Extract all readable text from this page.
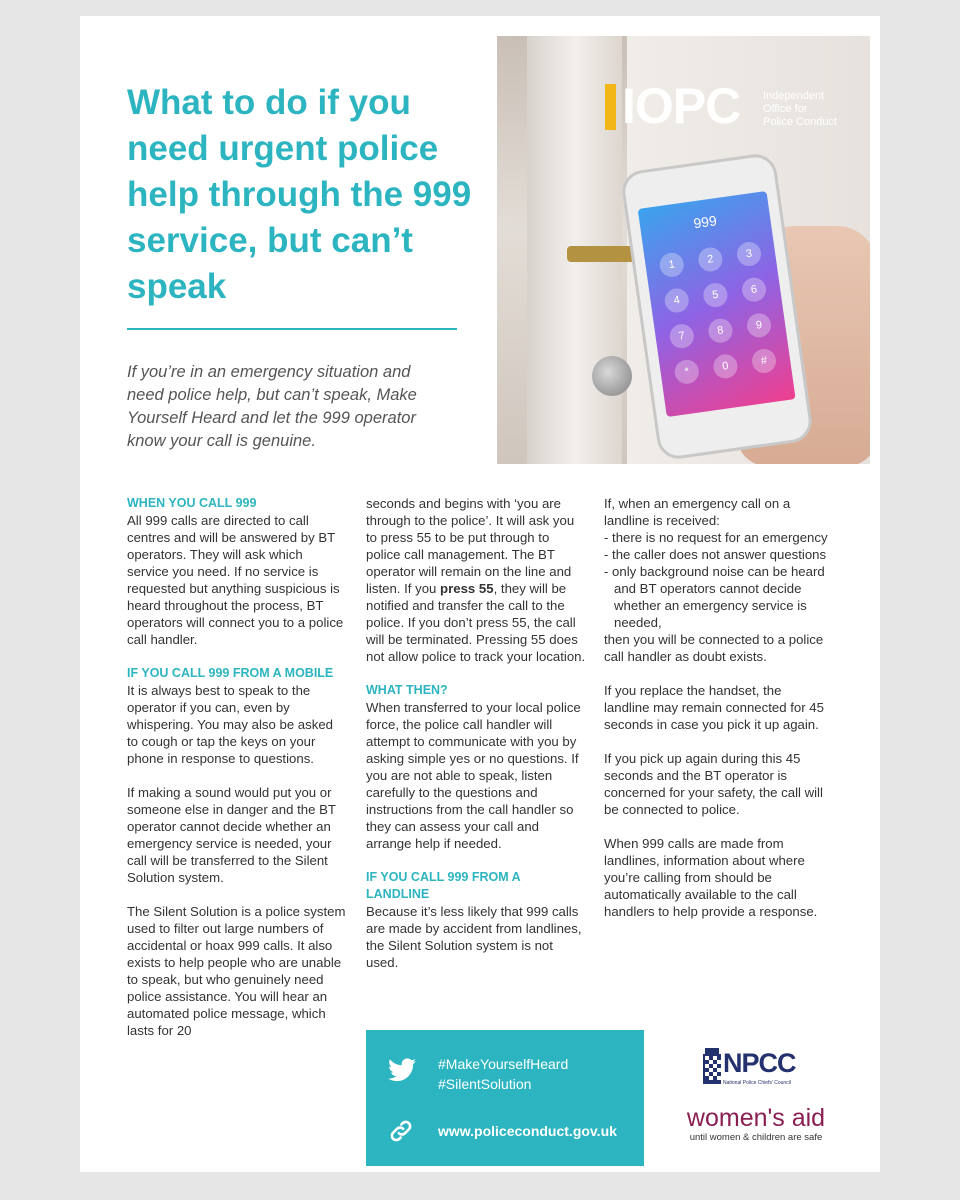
What to do if you need urgent police help through the 999 service, but can’t speak

If you’re in an emergency situation and need police help, but can’t speak, Make Yourself Heard and let the 999 operator know your call is genuine.

999
1	2	3
4	5	6
7	8	9
*	0	#

IOPC Independent
Office for
Police Conduct

WHEN YOU CALL 999

All 999 calls are directed to call centres and will be answered by BT operators. They will ask which service you need. If no service is requested but anything suspicious is heard throughout the process, BT operators will connect you to a police call handler.

IF YOU CALL 999 FROM A MOBILE

It is always best to speak to the operator if you can, even by whispering. You may also be asked to cough or tap the keys on your phone in response to questions.

If making a sound would put you or someone else in danger and the BT operator cannot decide whether an emergency service is needed, your call will be transferred to the Silent Solution system.

The Silent Solution is a police system used to filter out large numbers of accidental or hoax 999 calls. It also exists to help people who are unable to speak, but who genuinely need police assistance. You will hear an automated police message, which lasts for 20

seconds and begins with ‘you are through to the police’. It will ask you to press 55 to be put through to police call management. The BT operator will remain on the line and listen. If you press 55, they will be notified and transfer the call to the police. If you don’t press 55, the call will be terminated. Pressing 55 does not allow police to track your location.

WHAT THEN?

When transferred to your local police force, the police call handler will attempt to communicate with you by asking simple yes or no questions. If you are not able to speak, listen carefully to the questions and instructions from the call handler so they can assess your call and arrange help if needed.

IF YOU CALL 999 FROM A LANDLINE

Because it’s less likely that 999 calls are made by accident from landlines, the Silent Solution system is not used.

If, when an emergency call on a landline is received:

- there is no request for an emergency
- the caller does not answer questions
- only background noise can be heard and BT operators cannot decide whether an emergency service is needed,

then you will be connected to a police call handler as doubt exists.

If you replace the handset, the landline may remain connected for 45 seconds in case you pick it up again.

If you pick up again during this 45 seconds and the BT operator is concerned for your safety, the call will be connected to police.

When 999 calls are made from landlines, information about where you’re calling from should be automatically available to the call handlers to help provide a response.

#MakeYourselfHeard

#SilentSolution

www.policeconduct.gov.uk

NPCC

National Police Chiefs' Council

women's aid

until women & children are safe
